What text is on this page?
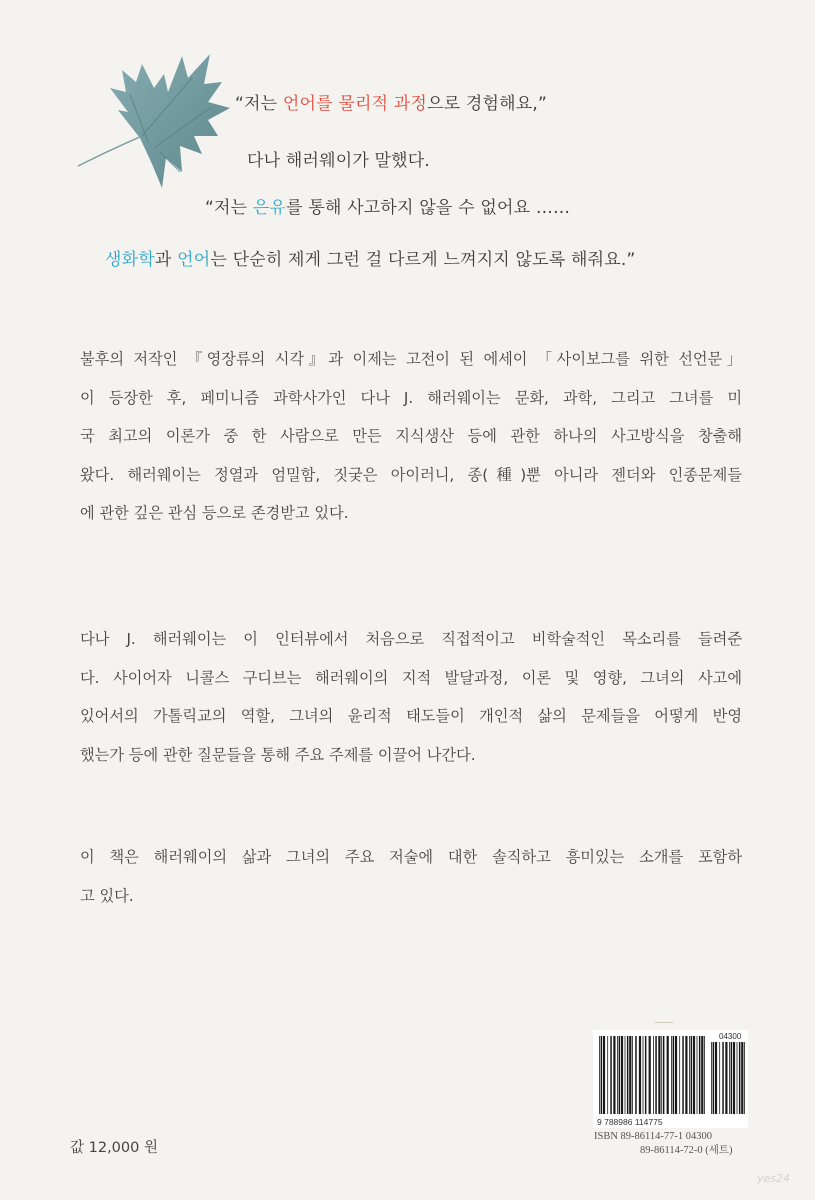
“저는 언어를 물리적 과정으로 경험해요,”
다나 해러웨이가 말했다.
“저는 은유를 통해 사고하지 않을 수 없어요 ……
생화학과 언어는 단순히 제게 그런 걸 다르게 느껴지지 않도록 해줘요.”
불후의 저작인 『영장류의 시각』과 이제는 고전이 된 에세이 「사이보그를 위한 선언문」
이 등장한 후, 페미니즘 과학사가인 다나 J. 해러웨이는 문화, 과학, 그리고 그녀를 미
국 최고의 이론가 중 한 사람으로 만든 지식생산 등에 관한 하나의 사고방식을 창출해
왔다. 해러웨이는 정열과 엄밀함, 짓궂은 아이러니, 종(種)뿐 아니라 젠더와 인종문제들
에 관한 깊은 관심 등으로 존경받고 있다.
다나 J. 해러웨이는 이 인터뷰에서 처음으로 직접적이고 비학술적인 목소리를 들려준
다. 사이어자 니콜스 구디브는 해러웨이의 지적 발달과정, 이론 및 영향, 그녀의 사고에
있어서의 가톨릭교의 역할, 그녀의 윤리적 태도들이 개인적 삶의 문제들을 어떻게 반영
했는가 등에 관한 질문들을 통해 주요 주제를 이끌어 나간다.
이 책은 해러웨이의 삶과 그녀의 주요 저술에 대한 솔직하고 흥미있는 소개를 포함하
고 있다.
04300
9 788986 114775
ISBN 89-86114-77-1 04300
89-86114-72-0 (세트)
값 12,000 원
yes24
